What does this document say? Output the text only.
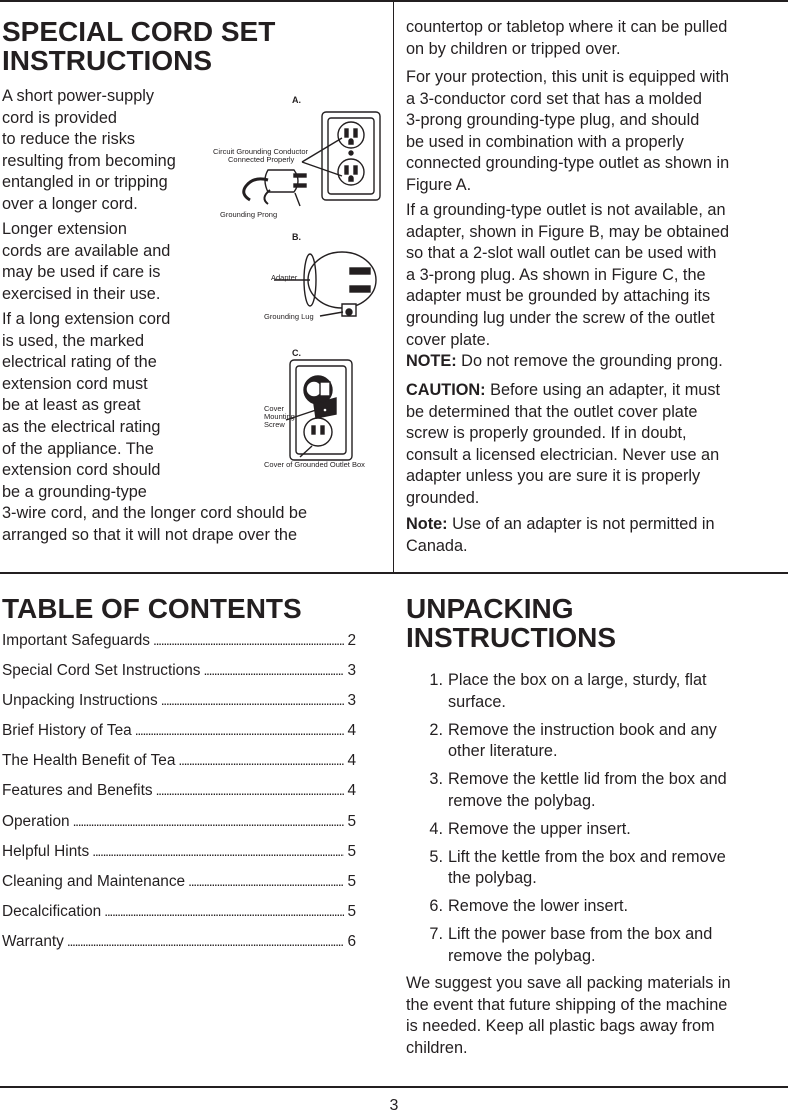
SPECIAL CORD SET
INSTRUCTIONS
A short power-supply
cord is provided
to reduce the risks
resulting from becoming
entangled in or tripping
over a longer cord.
Longer extension
cords are available and
may be used if care is
exercised in their use.
If a long extension cord
is used, the marked
electrical rating of the
extension cord must
be at least as great
as the electrical rating
of the appliance. The
extension cord should
be a grounding-type
3-wire cord, and the longer cord should be
arranged so that it will not drape over the
A.
Circuit Grounding Conductor
Connected Properly
Grounding Prong
B.
Adapter
Grounding Lug
C.
Cover
Mounting
Screw
Cover of Grounded Outlet Box
countertop or tabletop where it can be pulled
on by children or tripped over.
For your protection, this unit is equipped with
a 3-conductor cord set that has a molded
3-prong grounding-type plug, and should
be used in combination with a properly
connected grounding-type outlet as shown in
Figure A.
If a grounding-type outlet is not available, an
adapter, shown in Figure B, may be obtained
so that a 2-slot wall outlet can be used with
a 3-prong plug. As shown in Figure C, the
adapter must be grounded by attaching its
grounding lug under the screw of the outlet
cover plate.
NOTE: Do not remove the grounding prong.
CAUTION: Before using an adapter, it must
be determined that the outlet cover plate
screw is properly grounded. If in doubt,
consult a licensed electrician. Never use an
adapter unless you are sure it is properly
grounded.
Note: Use of an adapter is not permitted in
Canada.
TABLE OF CONTENTS
Important Safeguards . . .	2
Special Cord Set Instructions . . .	3
Unpacking Instructions . . .	3
Brief History of Tea . . .	4
The Health Benefit of Tea . . .	4
Features and Benefits . . .	4
Operation . . .	5
Helpful Hints . . .	5
Cleaning and Maintenance . . .	5
Decalcification . . .	5
Warranty . . .	6
UNPACKING
INSTRUCTIONS
1. Place the box on a large, sturdy, flat
surface.
2. Remove the instruction book and any
other literature.
3. Remove the kettle lid from the box and
remove the polybag.
4. Remove the upper insert.
5. Lift the kettle from the box and remove
the polybag.
6. Remove the lower insert.
7. Lift the power base from the box and
remove the polybag.
We suggest you save all packing materials in
the event that future shipping of the machine
is needed. Keep all plastic bags away from
children.
3
